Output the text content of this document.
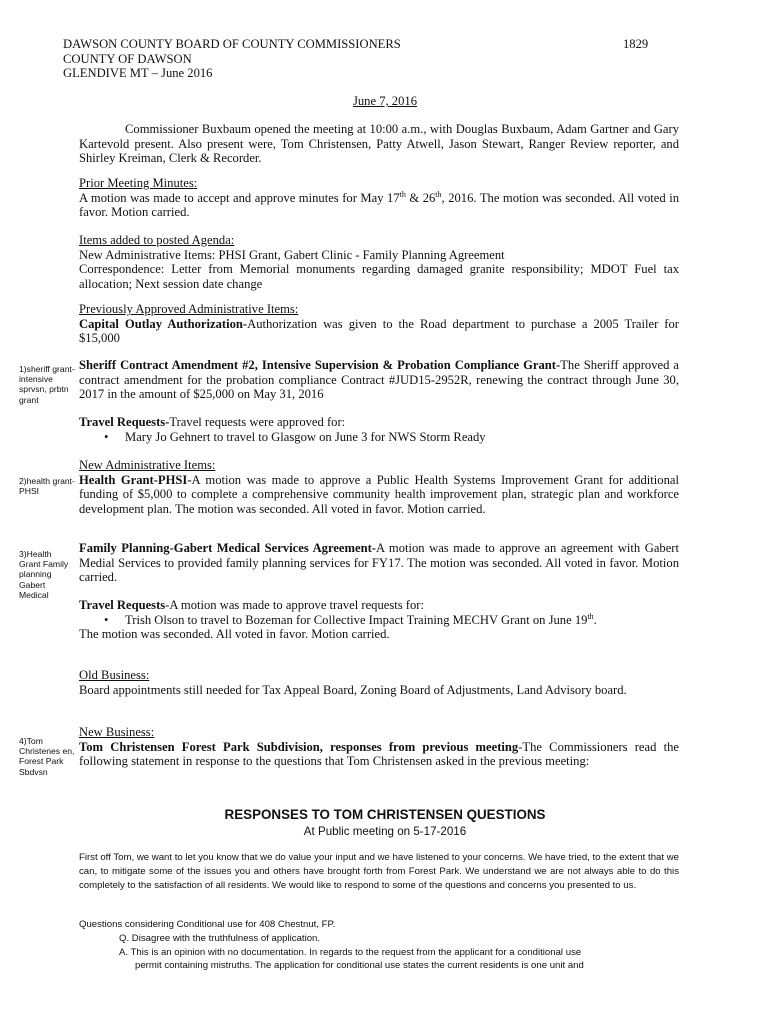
DAWSON COUNTY BOARD OF COUNTY COMMISSIONERS
COUNTY OF DAWSON
GLENDIVE MT – June 2016
1829
June 7, 2016

Commissioner Buxbaum opened the meeting at 10:00 a.m., with Douglas Buxbaum, Adam Gartner and Gary Kartevold present. Also present were, Tom Christensen, Patty Atwell, Jason Stewart, Ranger Review reporter, and Shirley Kreiman, Clerk & Recorder.

Prior Meeting Minutes:

A motion was made to accept and approve minutes for May 17th & 26th, 2016. The motion was seconded. All voted in favor. Motion carried.

Items added to posted Agenda:

New Administrative Items: PHSI Grant, Gabert Clinic - Family Planning Agreement

Correspondence: Letter from Memorial monuments regarding damaged granite responsibility; MDOT Fuel tax allocation; Next session date change

Previously Approved Administrative Items:

Capital Outlay Authorization-Authorization was given to the Road department to purchase a 2005 Trailer for $15,000

1)sheriff grant- intensive sprvsn, prbtn grant

Sheriff Contract Amendment #2, Intensive Supervision & Probation Compliance Grant-The Sheriff approved a contract amendment for the probation compliance Contract #JUD15-2952R, renewing the contract through June 30, 2017 in the amount of $25,000 on May 31, 2016

Travel Requests-Travel requests were approved for:

• Mary Jo Gehnert to travel to Glasgow on June 3 for NWS Storm Ready
2)health grant-PHSI

New Administrative Items:

Health Grant-PHSI-A motion was made to approve a Public Health Systems Improvement Grant for additional funding of $5,000 to complete a comprehensive community health improvement plan, strategic plan and workforce development plan. The motion was seconded. All voted in favor. Motion carried.

3)Health Grant Family planning Gabert Medical

Family Planning-Gabert Medical Services Agreement-A motion was made to approve an agreement with Gabert Medial Services to provided family planning services for FY17. The motion was seconded. All voted in favor. Motion carried.

Travel Requests-A motion was made to approve travel requests for:

• Trish Olson to travel to Bozeman for Collective Impact Training MECHV Grant on June 19th.

The motion was seconded. All voted in favor. Motion carried.

Old Business:

Board appointments still needed for Tax Appeal Board, Zoning Board of Adjustments, Land Advisory board.

4)Tom Christenes en, Forest Park Sbdvsn

New Business:

Tom Christensen Forest Park Subdivision, responses from previous meeting-The Commissioners read the following statement in response to the questions that Tom Christensen asked in the previous meeting:

RESPONSES TO TOM CHRISTENSEN QUESTIONS
At Public meeting on 5-17-2016
First off Tom, we want to let you know that we do value your input and we have listened to your concerns. We have tried, to the extent that we can, to mitigate some of the issues you and others have brought forth from Forest Park. We understand we are not always able to do this completely to the satisfaction of all residents. We would like to respond to some of the questions and concerns you presented to us.
Questions considering Conditional use for 408 Chestnut, FP.
Q. Disagree with the truthfulness of application.
A. This is an opinion with no documentation. In regards to the request from the applicant for a conditional use
permit containing mistruths. The application for conditional use states the current residents is one unit and
